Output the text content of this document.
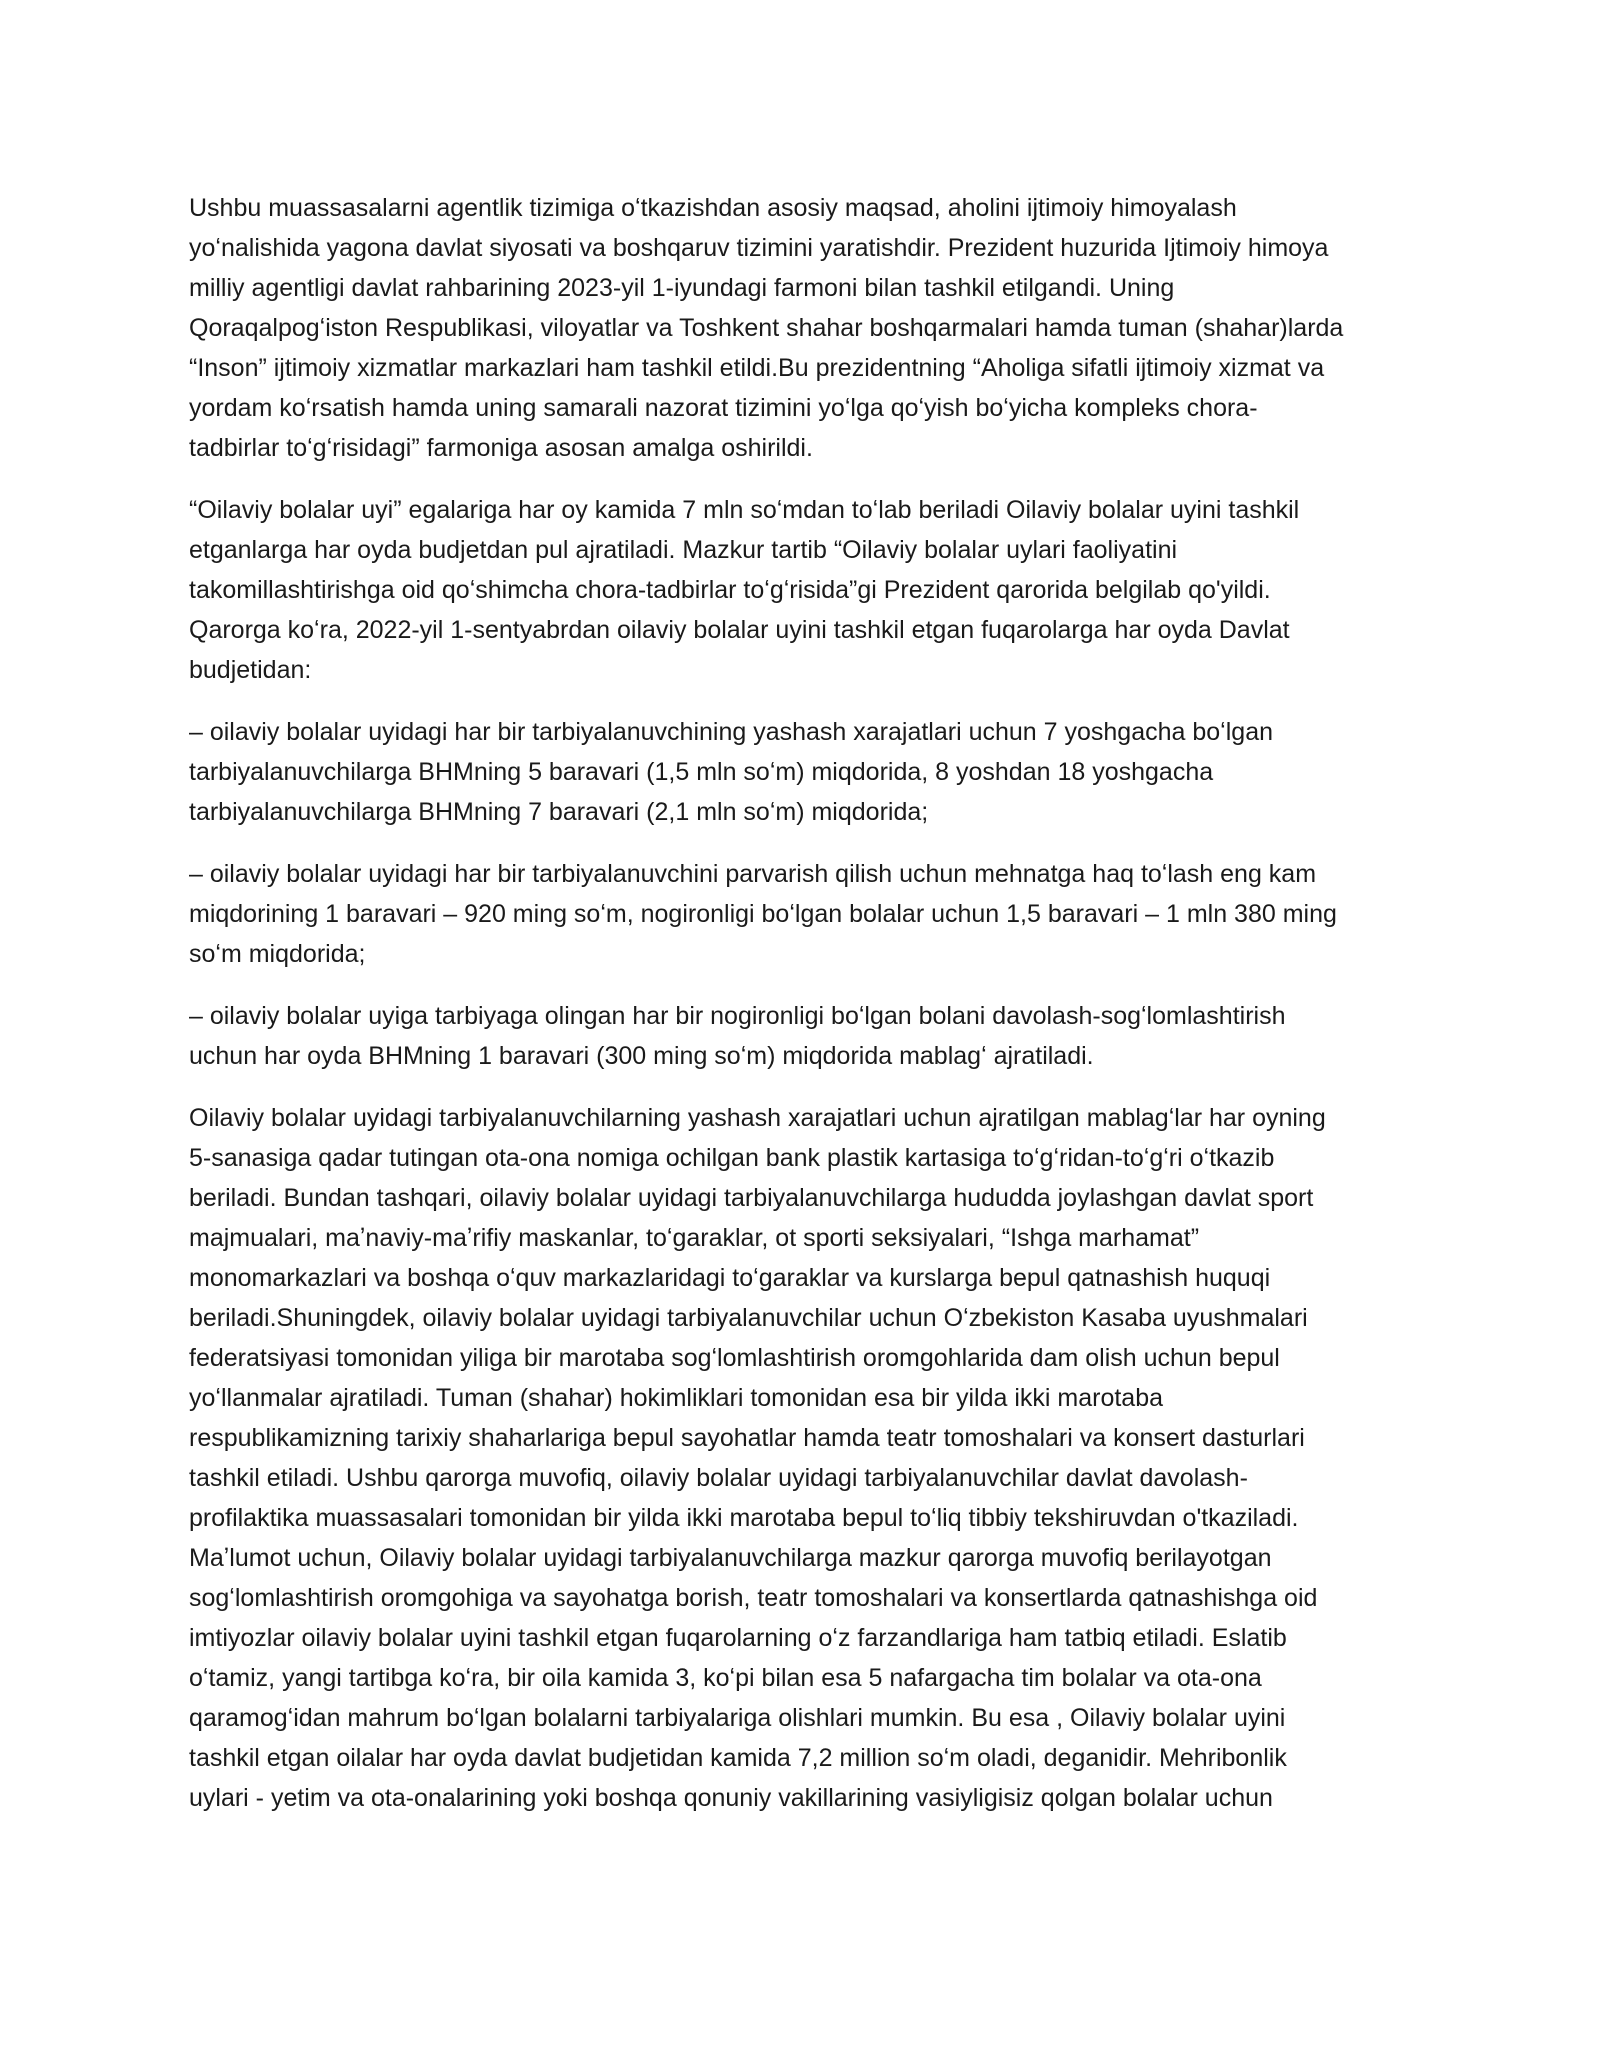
Ushbu muassasalarni agentlik tizimiga oʻtkazishdan asosiy maqsad, aholini ijtimoiy himoyalash
yoʻnalishida yagona davlat siyosati va boshqaruv tizimini yaratishdir. Prezident huzurida Ijtimoiy himoya
milliy agentligi davlat rahbarining 2023-yil 1-iyundagi farmoni bilan tashkil etilgandi. Uning
Qoraqalpogʻiston Respublikasi, viloyatlar va Toshkent shahar boshqarmalari hamda tuman (shahar)larda
“Inson” ijtimoiy xizmatlar markazlari ham tashkil etildi.Bu prezidentning “Aholiga sifatli ijtimoiy xizmat va
yordam koʻrsatish hamda uning samarali nazorat tizimini yoʻlga qoʻyish boʻyicha kompleks chora-
tadbirlar toʻgʻrisidagi” farmoniga asosan amalga oshirildi.

“Oilaviy bolalar uyi” egalariga har oy kamida 7 mln soʻmdan toʻlab beriladi Oilaviy bolalar uyini tashkil
etganlarga har oyda budjetdan pul ajratiladi. Mazkur tartib “Oilaviy bolalar uylari faoliyatini
takomillashtirishga oid qoʻshimcha chora-tadbirlar toʻgʻrisida”gi Prezident qarorida belgilab qo'yildi.
Qarorga koʻra, 2022-yil 1-sentyabrdan oilaviy bolalar uyini tashkil etgan fuqarolarga har oyda Davlat
budjetidan:

– oilaviy bolalar uyidagi har bir tarbiyalanuvchining yashash xarajatlari uchun 7 yoshgacha boʻlgan
tarbiyalanuvchilarga BHMning 5 baravari (1,5 mln soʻm) miqdorida, 8 yoshdan 18 yoshgacha
tarbiyalanuvchilarga BHMning 7 baravari (2,1 mln soʻm) miqdorida;

– oilaviy bolalar uyidagi har bir tarbiyalanuvchini parvarish qilish uchun mehnatga haq toʻlash eng kam
miqdorining 1 baravari – 920 ming soʻm, nogironligi boʻlgan bolalar uchun 1,5 baravari – 1 mln 380 ming
soʻm miqdorida;

– oilaviy bolalar uyiga tarbiyaga olingan har bir nogironligi boʻlgan bolani davolash-sogʻlomlashtirish
uchun har oyda BHMning 1 baravari (300 ming soʻm) miqdorida mablagʻ ajratiladi.

Oilaviy bolalar uyidagi tarbiyalanuvchilarning yashash xarajatlari uchun ajratilgan mablagʻlar har oyning
5-sanasiga qadar tutingan ota-ona nomiga ochilgan bank plastik kartasiga toʻgʻridan-toʻgʻri oʻtkazib
beriladi. Bundan tashqari, oilaviy bolalar uyidagi tarbiyalanuvchilarga hududda joylashgan davlat sport
majmualari, maʼnaviy-maʼrifiy maskanlar, toʻgaraklar, ot sporti seksiyalari, “Ishga marhamat”
monomarkazlari va boshqa oʻquv markazlaridagi toʻgaraklar va kurslarga bepul qatnashish huquqi
beriladi.Shuningdek, oilaviy bolalar uyidagi tarbiyalanuvchilar uchun Oʻzbekiston Kasaba uyushmalari
federatsiyasi tomonidan yiliga bir marotaba sogʻlomlashtirish oromgohlarida dam olish uchun bepul
yoʻllanmalar ajratiladi. Tuman (shahar) hokimliklari tomonidan esa bir yilda ikki marotaba
respublikamizning tarixiy shaharlariga bepul sayohatlar hamda teatr tomoshalari va konsert dasturlari
tashkil etiladi. Ushbu qarorga muvofiq, oilaviy bolalar uyidagi tarbiyalanuvchilar davlat davolash-
profilaktika muassasalari tomonidan bir yilda ikki marotaba bepul toʻliq tibbiy tekshiruvdan o'tkaziladi.
Maʼlumot uchun, Oilaviy bolalar uyidagi tarbiyalanuvchilarga mazkur qarorga muvofiq berilayotgan
sogʻlomlashtirish oromgohiga va sayohatga borish, teatr tomoshalari va konsertlarda qatnashishga oid
imtiyozlar oilaviy bolalar uyini tashkil etgan fuqarolarning oʻz farzandlariga ham tatbiq etiladi. Eslatib
oʻtamiz, yangi tartibga koʻra, bir oila kamida 3, koʻpi bilan esa 5 nafargacha tim bolalar va ota-ona
qaramogʻidan mahrum boʻlgan bolalarni tarbiyalariga olishlari mumkin. Bu esa , Oilaviy bolalar uyini
tashkil etgan oilalar har oyda davlat budjetidan kamida 7,2 million soʻm oladi, deganidir. Mehribonlik
uylari - yetim va ota-onalarining yoki boshqa qonuniy vakillarining vasiyligisiz qolgan bolalar uchun
